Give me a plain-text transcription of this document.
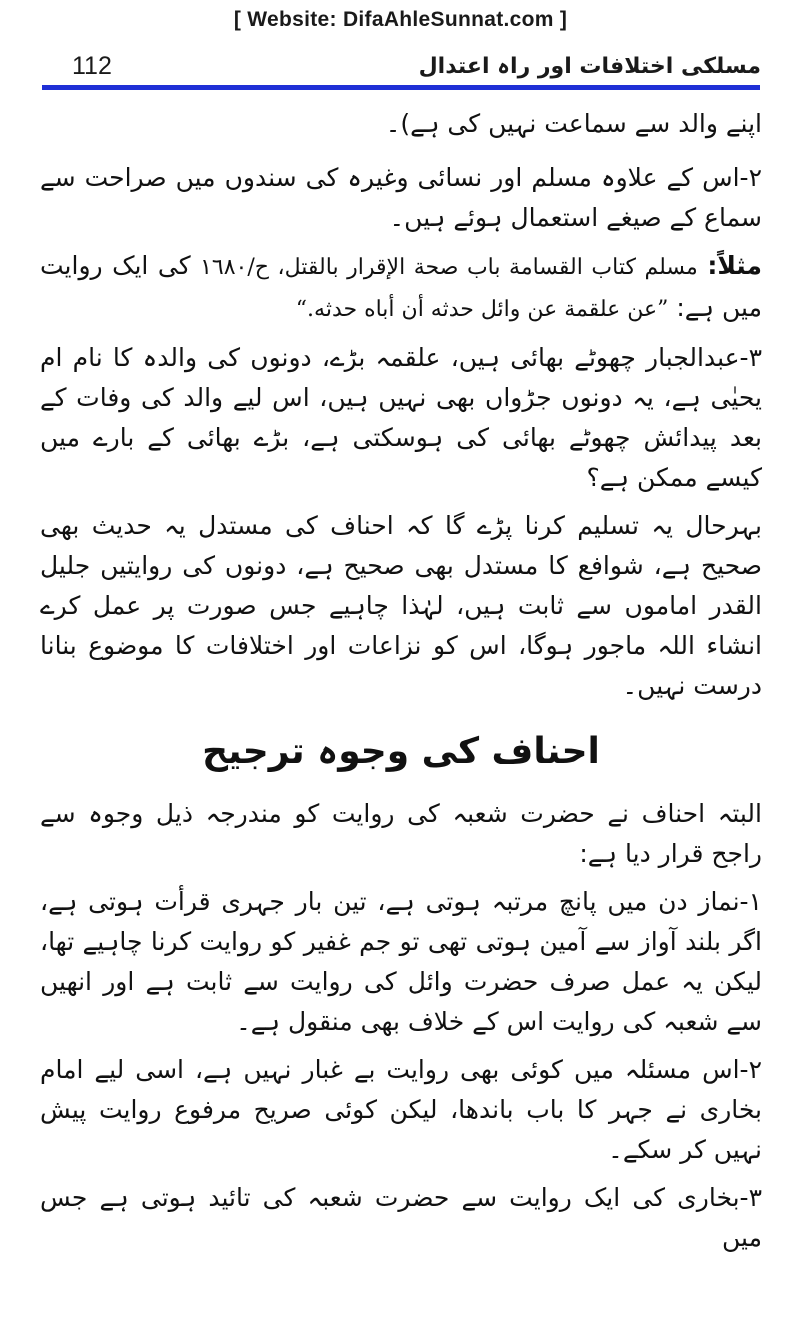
[ Website: DifaAhleSunnat.com ]
112	مسلکی اختلافات اور راہ اعتدال

اپنے والد سے سماعت نہیں کی ہے)۔

۲-اس کے علاوہ مسلم اور نسائی وغیرہ کی سندوں میں صراحت سے سماع کے صیغے استعمال ہوئے ہیں۔

مثلاً: مسلم كتاب القسامة باب صحة الإقرار بالقتل، ح/١٦٨٠ کی ایک روایت میں ہے: ”عن علقمة عن وائل حدثه أن أباه حدثه.“

۳-عبدالجبار چھوٹے بھائی ہیں، علقمہ بڑے، دونوں کی والدہ کا نام ام یحیٰی ہے، یہ دونوں جڑواں بھی نہیں ہیں، اس لیے والد کی وفات کے بعد پیدائش چھوٹے بھائی کی ہوسکتی ہے، بڑے بھائی کے بارے میں کیسے ممکن ہے؟

بہرحال یہ تسلیم کرنا پڑے گا کہ احناف کی مستدل یہ حدیث بھی صحیح ہے، شوافع کا مستدل بھی صحیح ہے، دونوں کی روایتیں جلیل القدر اماموں سے ثابت ہیں، لہٰذا چاہیے جس صورت پر عمل کرے انشاء اللہ ماجور ہوگا، اس کو نزاعات اور اختلافات کا موضوع بنانا درست نہیں۔

احناف کی وجوہ ترجیح

البتہ احناف نے حضرت شعبہ کی روایت کو مندرجہ ذیل وجوہ سے راجح قرار دیا ہے:

۱-نماز دن میں پانچ مرتبہ ہوتی ہے، تین بار جہری قرأت ہوتی ہے، اگر بلند آواز سے آمین ہوتی تھی تو جم غفیر کو روایت کرنا چاہیے تھا، لیکن یہ عمل صرف حضرت وائل کی روایت سے ثابت ہے اور انھیں سے شعبہ کی روایت اس کے خلاف بھی منقول ہے۔

۲-اس مسئلہ میں کوئی بھی روایت بے غبار نہیں ہے، اسی لیے امام بخاری نے جہر کا باب باندھا، لیکن کوئی صریح مرفوع روایت پیش نہیں کر سکے۔

۳-بخاری کی ایک روایت سے حضرت شعبہ کی تائید ہوتی ہے جس میں
